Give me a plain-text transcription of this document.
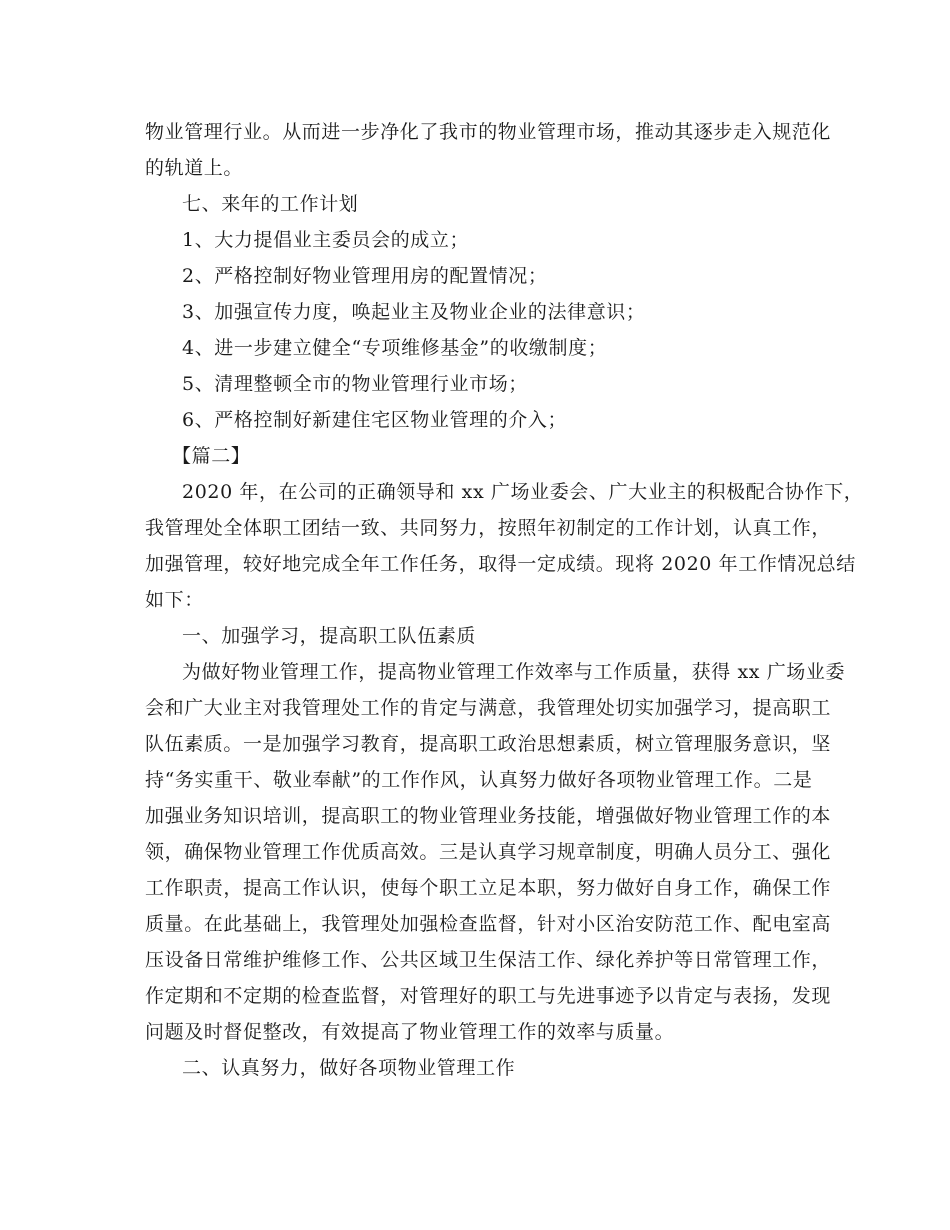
物业管理行业。从而进一步净化了我市的物业管理市场，推动其逐步走入规范化
的轨道上。
七、来年的工作计划
1、大力提倡业主委员会的成立；
2、严格控制好物业管理用房的配置情况；
3、加强宣传力度，唤起业主及物业企业的法律意识；
4、进一步建立健全“专项维修基金”的收缴制度；
5、清理整顿全市的物业管理行业市场；
6、严格控制好新建住宅区物业管理的介入；
【篇二】
2020 年，在公司的正确领导和 xx 广场业委会、广大业主的积极配合协作下，
我管理处全体职工团结一致、共同努力，按照年初制定的工作计划，认真工作，
加强管理，较好地完成全年工作任务，取得一定成绩。现将 2020 年工作情况总结
如下：
一、加强学习，提高职工队伍素质
为做好物业管理工作，提高物业管理工作效率与工作质量，获得 xx 广场业委
会和广大业主对我管理处工作的肯定与满意，我管理处切实加强学习，提高职工
队伍素质。一是加强学习教育，提高职工政治思想素质，树立管理服务意识，坚
持“务实重干、敬业奉献”的工作作风，认真努力做好各项物业管理工作。二是
加强业务知识培训，提高职工的物业管理业务技能，增强做好物业管理工作的本
领，确保物业管理工作优质高效。三是认真学习规章制度，明确人员分工、强化
工作职责，提高工作认识，使每个职工立足本职，努力做好自身工作，确保工作
质量。在此基础上，我管理处加强检查监督，针对小区治安防范工作、配电室高
压设备日常维护维修工作、公共区域卫生保洁工作、绿化养护等日常管理工作，
作定期和不定期的检查监督，对管理好的职工与先进事迹予以肯定与表扬，发现
问题及时督促整改，有效提高了物业管理工作的效率与质量。
二、认真努力，做好各项物业管理工作
